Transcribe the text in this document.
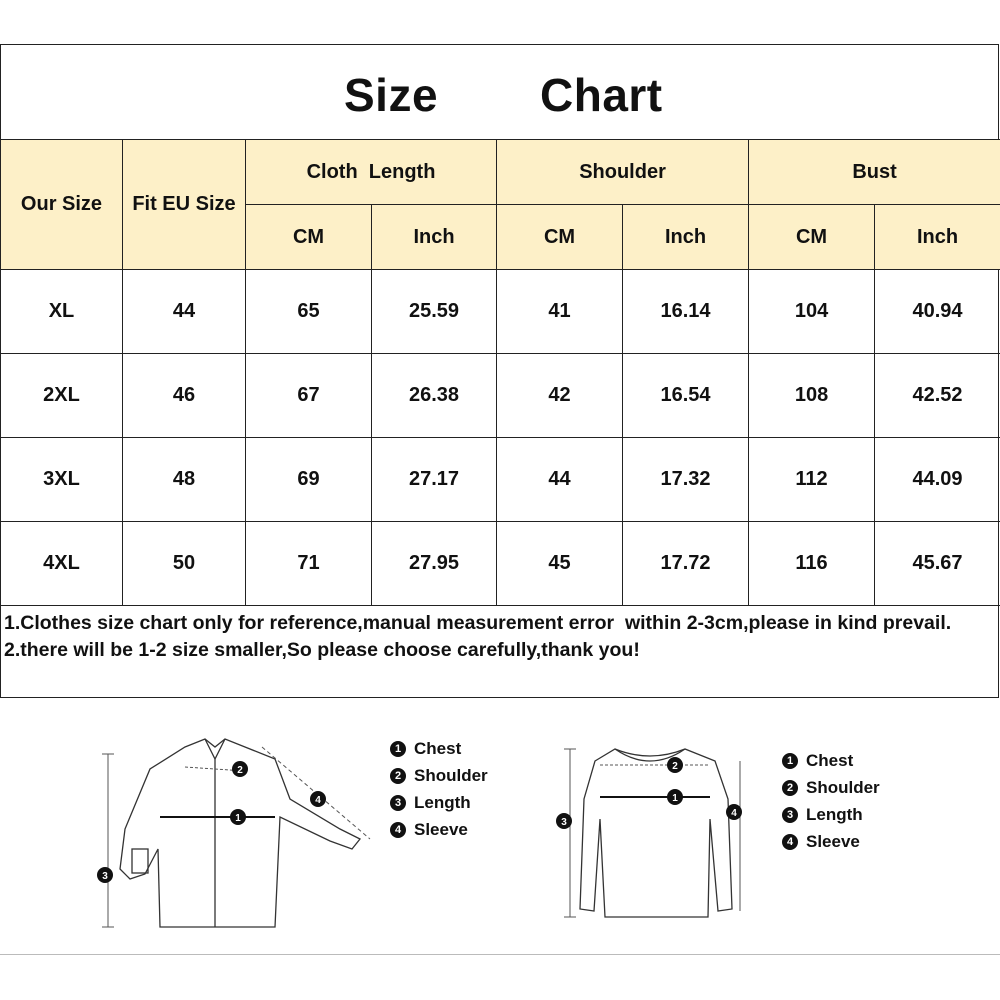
Size Chart
Our Size	Fit EU Size	Cloth  Length		Shoulder		Bust	
		CM	Inch	CM	Inch	CM	Inch
XL	44	65	25.59	41	16.14	104	40.94
2XL	46	67	26.38	42	16.54	108	42.52
3XL	48	69	27.17	44	17.32	112	44.09
4XL	50	71	27.95	45	17.72	116	45.67
1.Clothes size chart only for reference,manual measurement error  within 2-3cm,please in kind prevail.
2.there will be 1-2 size smaller,So please choose carefully,thank you!
2
1
3
4
1 Chest
2 Shoulder
3 Length
4 Sleeve
2
1
3
4
1 Chest
2 Shoulder
3 Length
4 Sleeve
